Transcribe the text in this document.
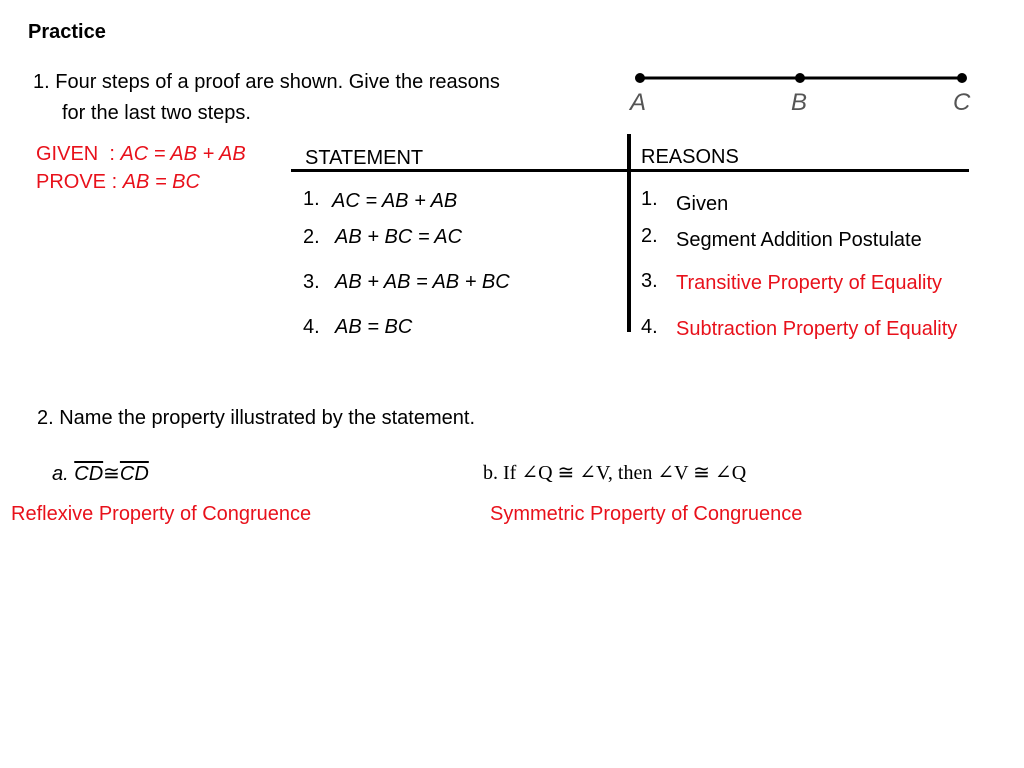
Practice
1. Four steps of a proof are shown. Give the reasons
for the last two steps.	A	B	C
GIVEN  : AC = AB + AB
PROVE : AB = BC
STATEMENT	REASONS
1. AC = AB + AB	1. Given
2. AB + BC = AC	2. Segment Addition Postulate
3. AB + AB = AB + BC	3. Transitive Property of Equality
4. AB = BC	4. Subtraction Property of Equality
2. Name the property illustrated by the statement.
a. $\overline{CD}≅\overline{CD}$
Reflexive Property of Congruence
b. If ∠Q ≅ ∠V, then ∠V ≅ ∠Q
Symmetric Property of Congruence
